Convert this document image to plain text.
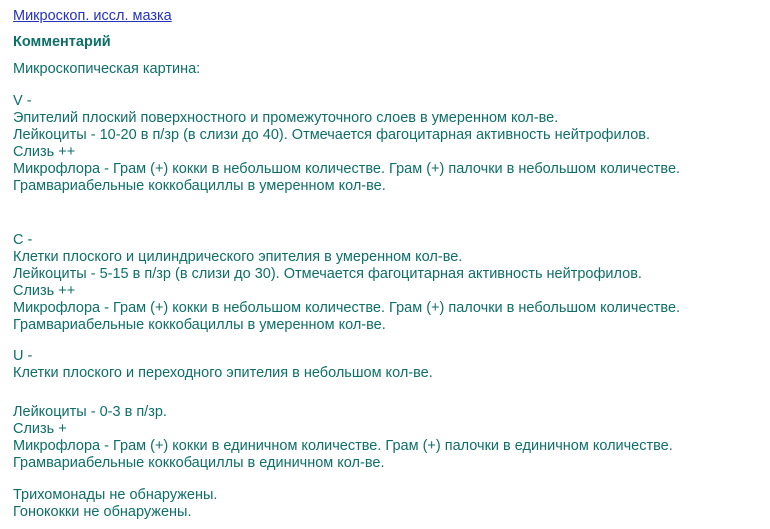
Микроскоп. иссл. мазка
Комментарий
Микроскопическая картина:
V -
Эпителий плоский поверхностного и промежуточного слоев в умеренном кол-ве.
Лейкоциты - 10-20 в п/зр (в слизи до 40). Отмечается фагоцитарная активность нейтрофилов.
Слизь ++
Микрофлора - Грам (+) кокки в небольшом количестве. Грам (+) палочки в небольшом количестве.
Грамвариабельные коккобациллы в умеренном кол-ве.
C -
Клетки плоского и цилиндрического эпителия в умеренном кол-ве.
Лейкоциты - 5-15 в п/зр (в слизи до 30). Отмечается фагоцитарная активность нейтрофилов.
Слизь ++
Микрофлора - Грам (+) кокки в небольшом количестве. Грам (+) палочки в небольшом количестве.
Грамвариабельные коккобациллы в умеренном кол-ве.
U -
Клетки плоского и переходного эпителия в небольшом кол-ве.
Лейкоциты - 0-3 в п/зр.
Слизь +
Микрофлора - Грам (+) кокки в единичном количестве. Грам (+) палочки в единичном количестве.
Грамвариабельные коккобациллы в единичном кол-ве.
Трихомонады не обнаружены.
Гонококки не обнаружены.
